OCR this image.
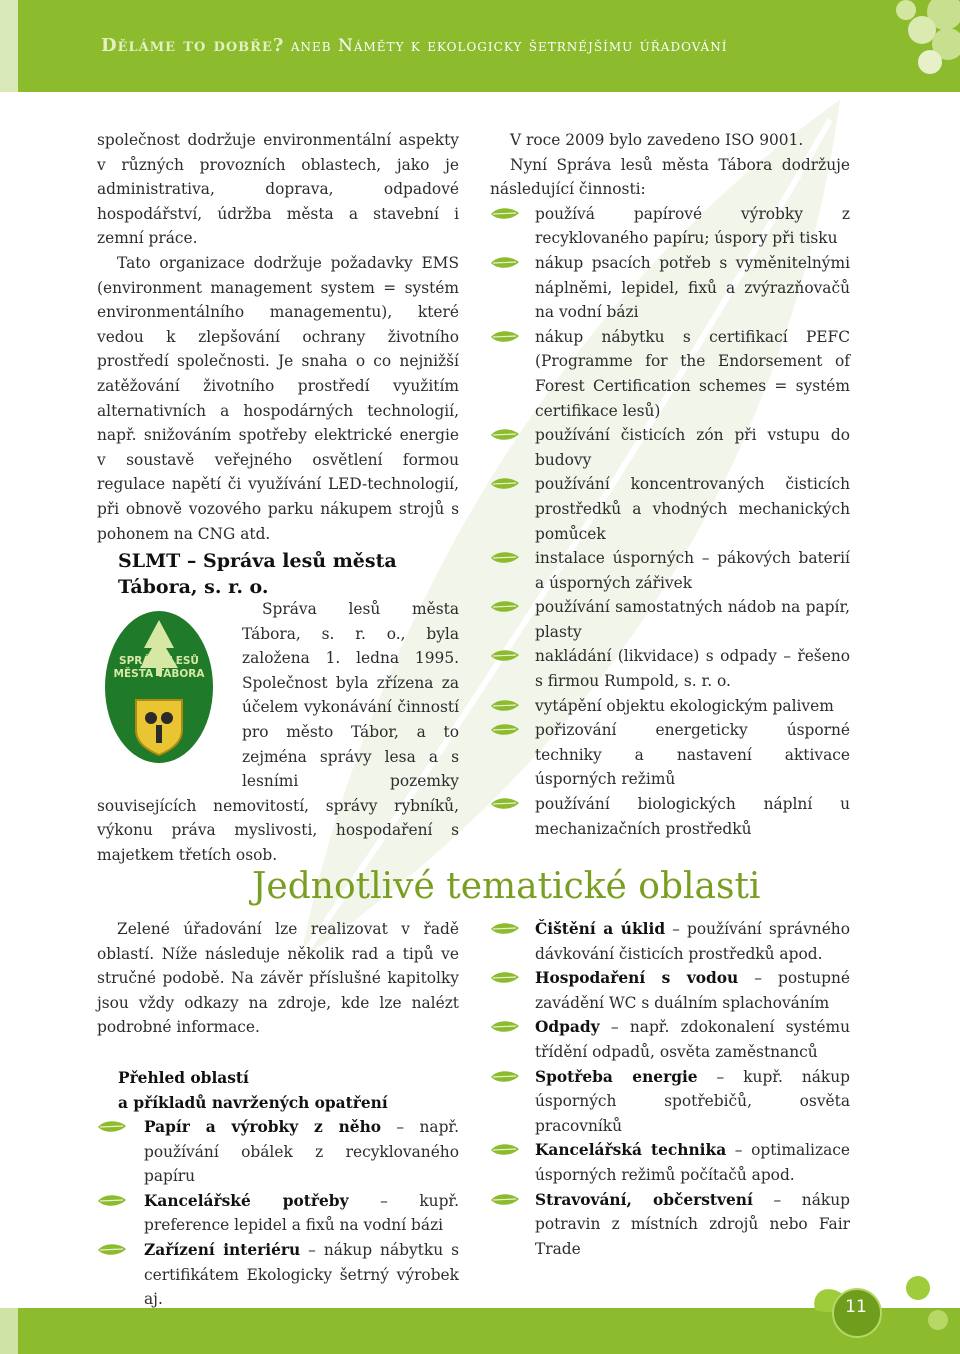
Děláme to dobře? aneb Náměty k ekologicky šetrnějšímu úřadování

společnost dodržuje environmentální aspekty v různých provozních oblastech, jako je administrativa, doprava, odpadové hospodářství, údržba města a stavební i zemní práce.

Tato organizace dodržuje požadavky EMS (environment management system = systém environmentálního managementu), které vedou k zlepšování ochrany životního prostředí společnosti. Je snaha o co nejnižší zatěžování životního prostředí využitím alternativních a hospodárných technologií, např. snižováním spotřeby elektrické energie v soustavě veřejného osvětlení formou regulace napětí či využívání LED-technologií, při obnově vozového parku nákupem strojů s pohonem na CNG atd.

SLMT – Správa lesů města Tábora, s. r. o.
SPRÁVA LESŮ MĚSTA TÁBORA

Správa lesů města Tábora, s. r. o., byla založena 1. ledna 1995. Společnost byla zřízena za účelem vykonávání činností pro město Tábor, a to zejména správy lesa a s lesními pozemky souvisejících nemovitostí, správy rybníků, výkonu práva myslivosti, hospodaření s majetkem třetích osob.

V roce 2009 bylo zavedeno ISO 9001.

Nyní Správa lesů města Tábora dodržuje následující činnosti:

používá papírové výrobky z recyklovaného papíru; úspory při tisku
nákup psacích potřeb s vyměnitelnými náplněmi, lepidel, fixů a zvýrazňovačů na vodní bázi
nákup nábytku s certifikací PEFC (Programme for the Endorsement of Forest Certification schemes = systém certifikace lesů)
používání čisticích zón při vstupu do budovy
používání koncentrovaných čisticích prostředků a vhodných mechanických pomůcek
instalace úsporných – pákových baterií a úsporných zářivek
používání samostatných nádob na papír, plasty
nakládání (likvidace) s odpady – řešeno s firmou Rumpold, s. r. o.
vytápění objektu ekologickým palivem
pořizování energeticky úsporné techniky a nastavení aktivace úsporných režimů
používání biologických náplní u mechanizačních prostředků
Jednotlivé tematické oblasti

Zelené úřadování lze realizovat v řadě oblastí. Níže následuje několik rad a tipů ve stručné podobě. Na závěr příslušné kapitolky jsou vždy odkazy na zdroje, kde lze nalézt podrobné informace.

Přehled oblastí
a příkladů navržených opatření
Papír a výrobky z něho – např. používání obálek z recyklovaného papíru
Kancelářské potřeby – kupř. preference lepidel a fixů na vodní bázi
Zařízení interiéru – nákup nábytku s certifikátem Ekologicky šetrný výrobek aj.
Čištění a úklid – používání správného dávkování čisticích prostředků apod.
Hospodaření s vodou – postupné zavádění WC s duálním splachováním
Odpady – např. zdokonalení systému třídění odpadů, osvěta zaměstnanců
Spotřeba energie – kupř. nákup úsporných spotřebičů, osvěta pracovníků
Kancelářská technika – optimalizace úsporných režimů počítačů apod.
Stravování, občerstvení – nákup potravin z místních zdrojů nebo Fair Trade
11
